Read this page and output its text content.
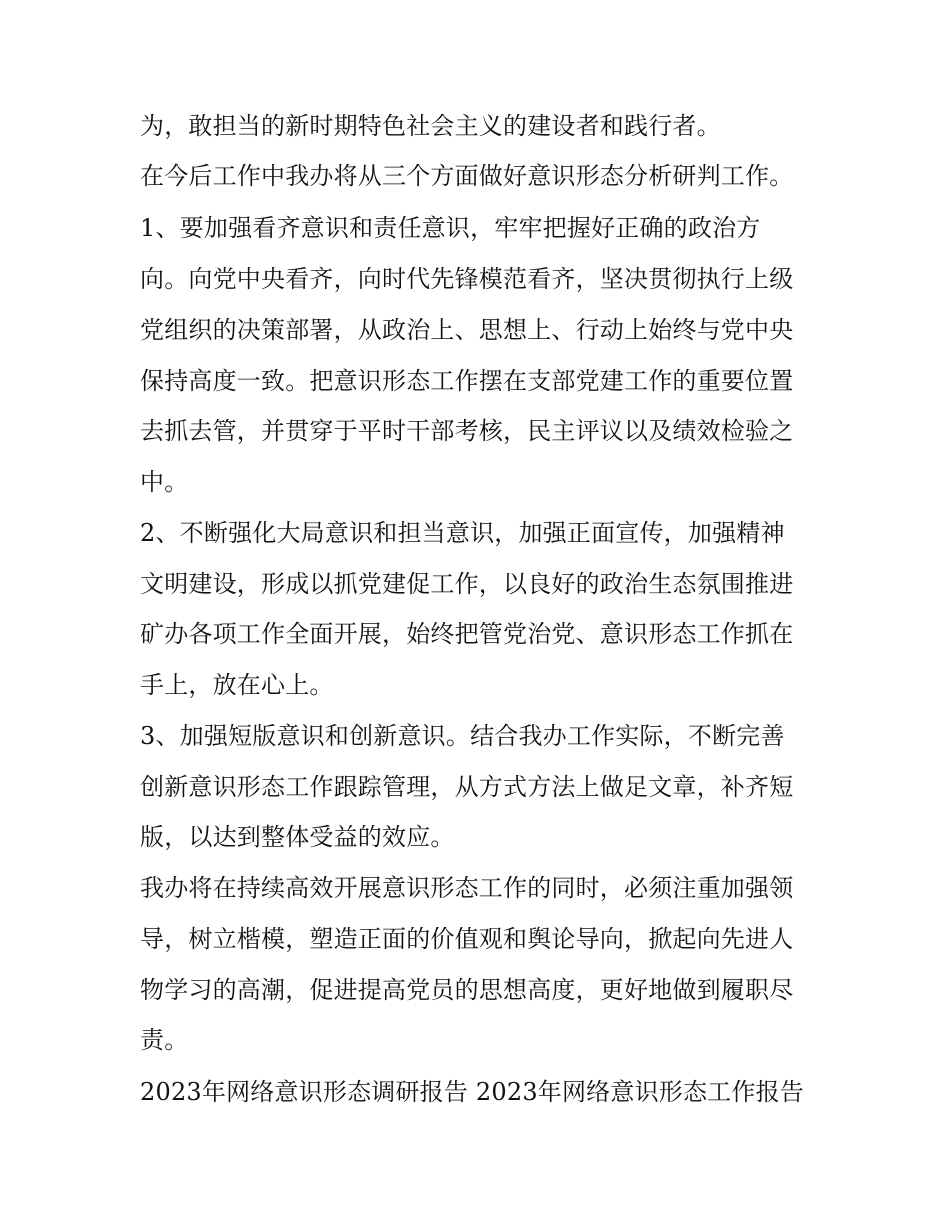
为，敢担当的新时期特色社会主义的建设者和践行者。
在今后工作中我办将从三个方面做好意识形态分析研判工作。
1、要加强看齐意识和责任意识，牢牢把握好正确的政治方
向。向党中央看齐，向时代先锋模范看齐，坚决贯彻执行上级
党组织的决策部署，从政治上、思想上、行动上始终与党中央
保持高度一致。把意识形态工作摆在支部党建工作的重要位置
去抓去管，并贯穿于平时干部考核，民主评议以及绩效检验之
中。
2、不断强化大局意识和担当意识，加强正面宣传，加强精神
文明建设，形成以抓党建促工作，以良好的政治生态氛围推进
矿办各项工作全面开展，始终把管党治党、意识形态工作抓在
手上，放在心上。
3、加强短版意识和创新意识。结合我办工作实际，不断完善
创新意识形态工作跟踪管理，从方式方法上做足文章，补齐短
版，以达到整体受益的效应。
我办将在持续高效开展意识形态工作的同时，必须注重加强领
导，树立楷模，塑造正面的价值观和舆论导向，掀起向先进人
物学习的高潮，促进提高党员的思想高度，更好地做到履职尽
责。
2023年网络意识形态调研报告 2023年网络意识形态工作报告
